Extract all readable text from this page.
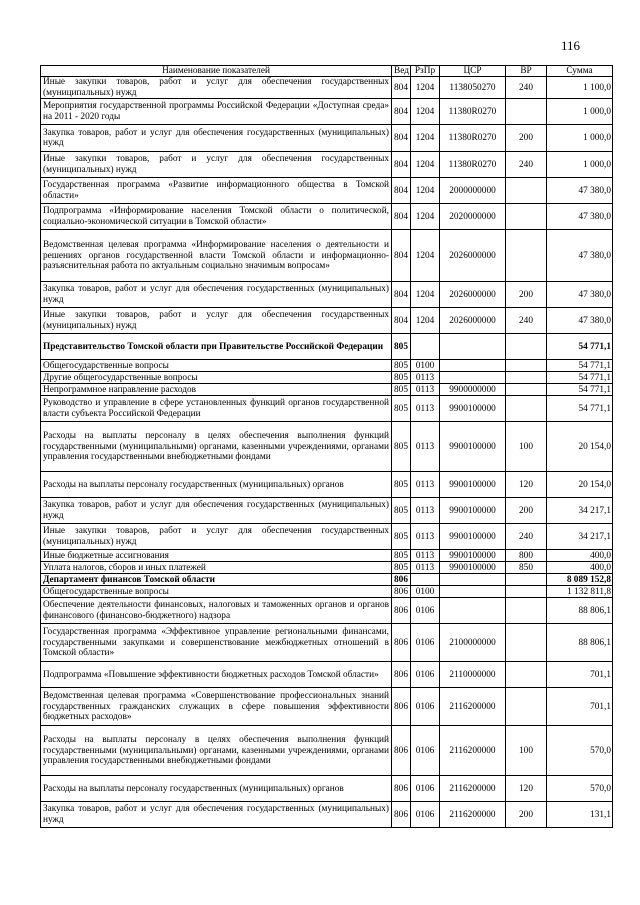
116
Наименование показателей	Вед	РзПр	ЦСР	ВР	Сумма
Иные закупки товаров, работ и услуг для обеспечения государственных (муниципальных) нужд	804	1204	1138050270	240	1 100,0
Мероприятия государственной программы Российской Федерации «Доступная среда» на 2011 - 2020 годы	804	1204	11380R0270		1 000,0
Закупка товаров, работ и услуг для обеспечения государственных (муниципальных) нужд	804	1204	11380R0270	200	1 000,0
Иные закупки товаров, работ и услуг для обеспечения государственных (муниципальных) нужд	804	1204	11380R0270	240	1 000,0
Государственная программа «Развитие информационного общества в Томской области»	804	1204	2000000000		47 380,0
Подпрограмма «Информирование населения Томской области о политической, социально-экономической ситуации в Томской области»	804	1204	2020000000		47 380,0
Ведомственная целевая программа «Информирование населения о деятельности и решениях органов государственной власти Томской области и информационно-разъяснительная работа по актуальным социально значимым вопросам»	804	1204	2026000000		47 380,0
Закупка товаров, работ и услуг для обеспечения государственных (муниципальных) нужд	804	1204	2026000000	200	47 380,0
Иные закупки товаров, работ и услуг для обеспечения государственных (муниципальных) нужд	804	1204	2026000000	240	47 380,0
Представительство Томской области при Правительстве Российской Федерации	805				54 771,1
Общегосударственные вопросы	805	0100			54 771,1
Другие общегосударственные вопросы	805	0113			54 771,1
Непрограммное направление расходов	805	0113	9900000000		54 771,1
Руководство и управление в сфере установленных функций органов государственной власти субъекта Российской Федерации	805	0113	9900100000		54 771,1
Расходы на выплаты персоналу в целях обеспечения выполнения функций государственными (муниципальными) органами, казенными учреждениями, органами управления государственными внебюджетными фондами	805	0113	9900100000	100	20 154,0
Расходы на выплаты персоналу государственных (муниципальных) органов	805	0113	9900100000	120	20 154,0
Закупка товаров, работ и услуг для обеспечения государственных (муниципальных) нужд	805	0113	9900100000	200	34 217,1
Иные закупки товаров, работ и услуг для обеспечения государственных (муниципальных) нужд	805	0113	9900100000	240	34 217,1
Иные бюджетные ассигнования	805	0113	9900100000	800	400,0
Уплата налогов, сборов и иных платежей	805	0113	9900100000	850	400,0
Департамент финансов Томской области	806				8 089 152,8
Общегосударственные вопросы	806	0100			1 132 811,8
Обеспечение деятельности финансовых, налоговых и таможенных органов и органов финансового (финансово-бюджетного) надзора	806	0106			88 806,1
Государственная программа «Эффективное управление региональными финансами, государственными закупками и совершенствование межбюджетных отношений в Томской области»	806	0106	2100000000		88 806,1
Подпрограмма «Повышение эффективности бюджетных расходов Томской области»	806	0106	2110000000		701,1
Ведомственная целевая программа «Совершенствование профессиональных знаний государственных гражданских служащих в сфере повышения эффективности бюджетных расходов»	806	0106	2116200000		701,1
Расходы на выплаты персоналу в целях обеспечения выполнения функций государственными (муниципальными) органами, казенными учреждениями, органами управления государственными внебюджетными фондами	806	0106	2116200000	100	570,0
Расходы на выплаты персоналу государственных (муниципальных) органов	806	0106	2116200000	120	570,0
Закупка товаров, работ и услуг для обеспечения государственных (муниципальных) нужд	806	0106	2116200000	200	131,1
